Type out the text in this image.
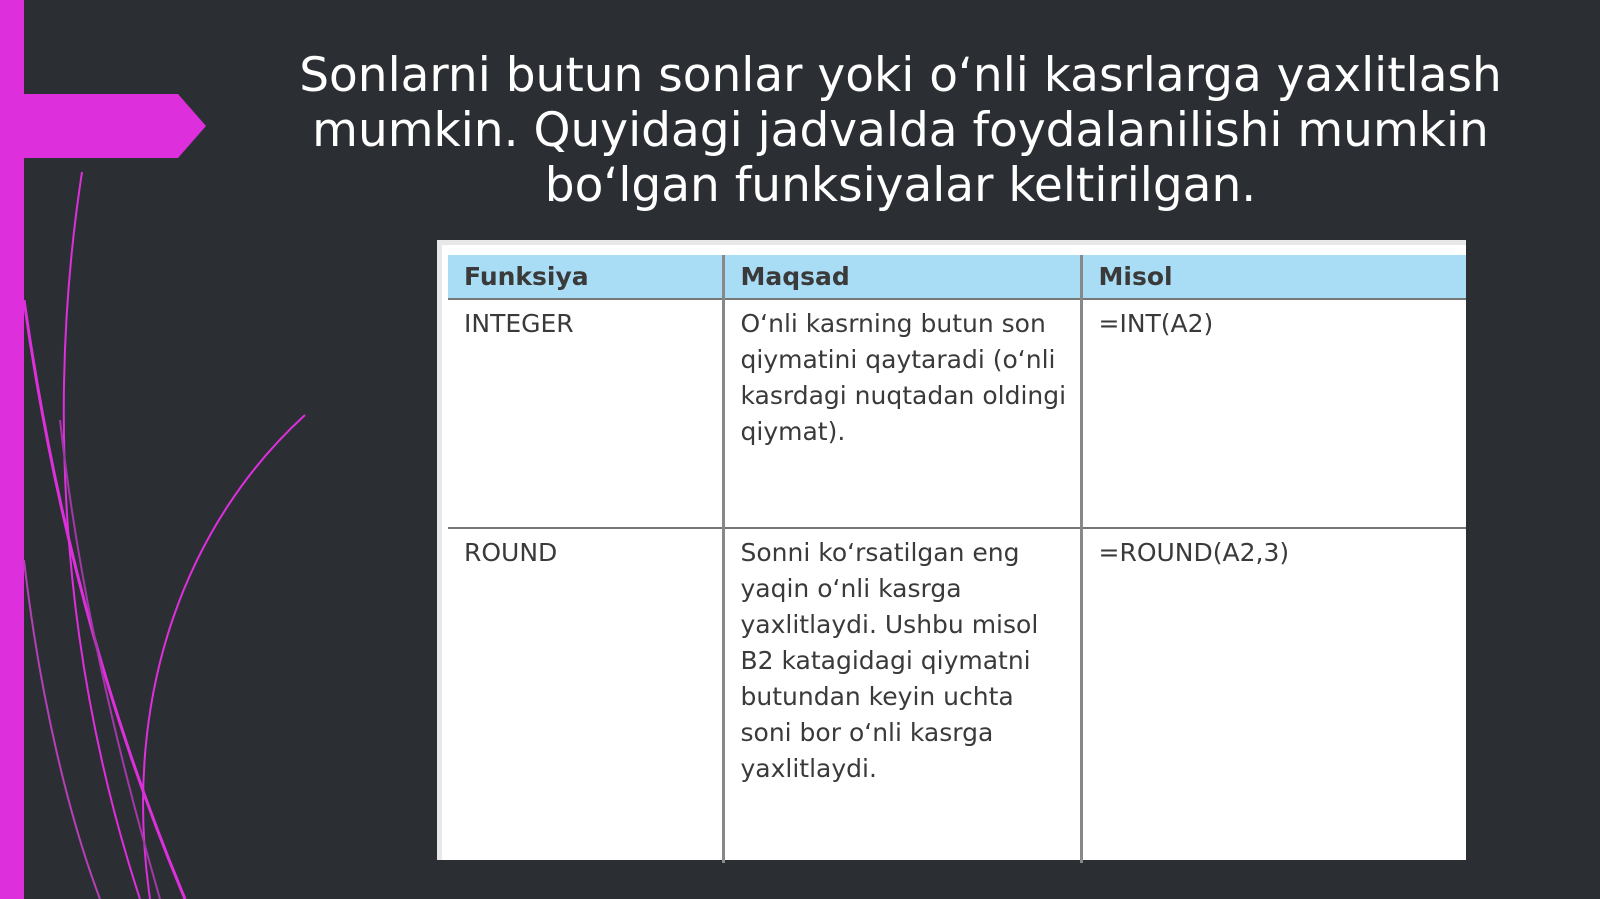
Sonlarni butun sonlar yoki o‘nli kasrlarga yaxlitlash mumkin. Quyidagi jadvalda foydalanilishi mumkin bo‘lgan funksiyalar keltirilgan.
Funksiya	Maqsad	Misol
INTEGER	O‘nli kasrning butun son qiymatini qaytaradi (o‘nli kasrdagi nuqtadan oldingi qiymat).	=INT(A2)
ROUND	Sonni ko‘rsatilgan eng yaqin o‘nli kasrga yaxlitlaydi. Ushbu misol B2 katagidagi qiymatni butundan keyin uchta soni bor o‘nli kasrga yaxlitlaydi.	=ROUND(A2,3)
